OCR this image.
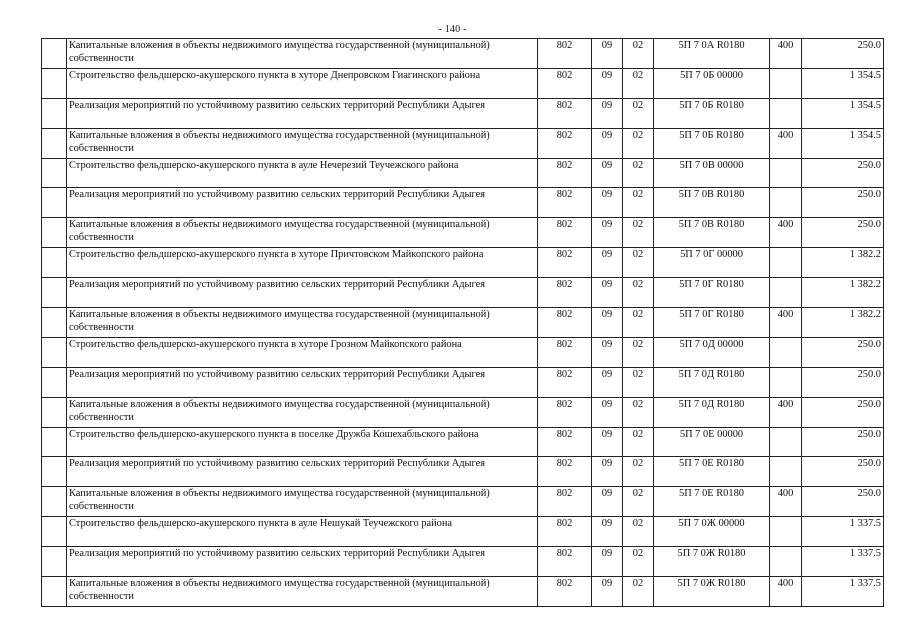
- 140 -
	Капитальные вложения в объекты недвижимого имущества государственной (муниципальной) собственности	802	09	02	5П 7 0А R0180	400	250.0
	Строительство фельдшерско-акушерского пункта в хуторе Днепровском Гиагинского района	802	09	02	5П 7 0Б 00000		1 354.5
	Реализация мероприятий по устойчивому развитию сельских территорий Республики Адыгея	802	09	02	5П 7 0Б R0180		1 354.5
	Капитальные вложения в объекты недвижимого имущества государственной (муниципальной) собственности	802	09	02	5П 7 0Б R0180	400	1 354.5
	Строительство фельдшерско-акушерского пункта в ауле Нечерезий Теучежского района	802	09	02	5П 7 0В 00000		250.0
	Реализация мероприятий по устойчивому развитию сельских территорий Республики Адыгея	802	09	02	5П 7 0В R0180		250.0
	Капитальные вложения в объекты недвижимого имущества государственной (муниципальной) собственности	802	09	02	5П 7 0В R0180	400	250.0
	Строительство фельдшерско-акушерского пункта в хуторе Причтовском Майкопского района	802	09	02	5П 7 0Г 00000		1 382.2
	Реализация мероприятий по устойчивому развитию сельских территорий Республики Адыгея	802	09	02	5П 7 0Г R0180		1 382.2
	Капитальные вложения в объекты недвижимого имущества государственной (муниципальной) собственности	802	09	02	5П 7 0Г R0180	400	1 382.2
	Строительство фельдшерско-акушерского пункта в хуторе Грозном Майкопского района	802	09	02	5П 7 0Д 00000		250.0
	Реализация мероприятий по устойчивому развитию сельских территорий Республики Адыгея	802	09	02	5П 7 0Д R0180		250.0
	Капитальные вложения в объекты недвижимого имущества государственной (муниципальной) собственности	802	09	02	5П 7 0Д R0180	400	250.0
	Строительство фельдшерско-акушерского пункта в поселке Дружба Кошехабльского района	802	09	02	5П 7 0Е 00000		250.0
	Реализация мероприятий по устойчивому развитию сельских территорий Республики Адыгея	802	09	02	5П 7 0Е R0180		250.0
	Капитальные вложения в объекты недвижимого имущества государственной (муниципальной) собственности	802	09	02	5П 7 0Е R0180	400	250.0
	Строительство фельдшерско-акушерского пункта в ауле Нешукай Теучежского района	802	09	02	5П 7 0Ж 00000		1 337.5
	Реализация мероприятий по устойчивому развитию сельских территорий Республики Адыгея	802	09	02	5П 7 0Ж R0180		1 337.5
	Капитальные вложения в объекты недвижимого имущества государственной (муниципальной) собственности	802	09	02	5П 7 0Ж R0180	400	1 337.5
